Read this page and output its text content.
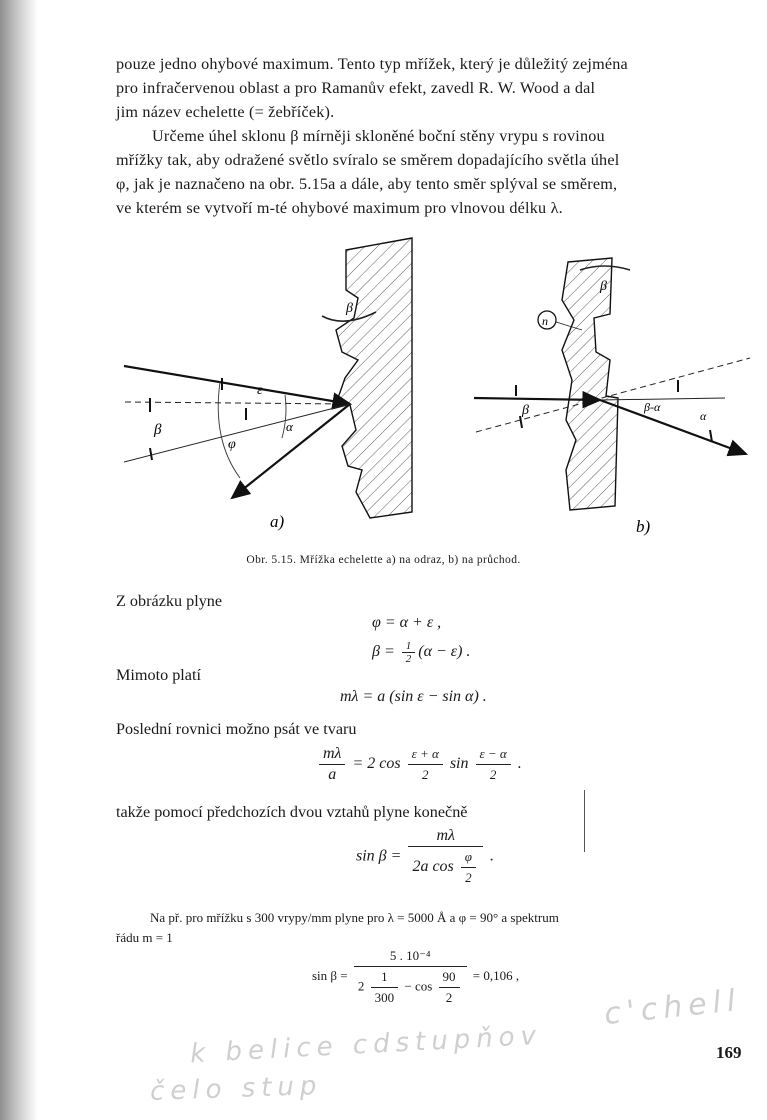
pouze jedno ohybové maximum. Tento typ mřížek, který je důležitý zejména
pro infračervenou oblast a pro Ramanův efekt, zavedl R. W. Wood a dal
jim název echelette (= žebříček).
Určeme úhel sklonu β mírněji skloněné boční stěny vrypu s rovinou
mřížky tak, aby odražené světlo svíralo se směrem dopadajícího světla úhel
φ, jak je naznačeno na obr. 5.15a a dále, aby tento směr splýval se směrem,
ve kterém se vytvoří m-té ohybové maximum pro vlnovou délku λ.
β
ε
α
φ
β
a)
n
β
β	β-α
α
b)
Obr. 5.15. Mřížka echelette a) na odraz, b) na průchod.
Z obrázku plyne
φ = α + ε ,
$\beta = \frac{1}{2} (\alpha - \varepsilon)$ .
Mimoto platí
mλ = a (sin ε − sin α) .
Poslední rovnici možno psát ve tvaru
$\frac{m\lambda}{a} = 2$ $\cos \frac{\varepsilon + \alpha}{2}$ $\sin \frac{\varepsilon - \alpha}{2}$ .
takže pomocí předchozích dvou vztahů plyne konečně
$\sin \beta = \frac{m\lambda}{2a \cos \frac{\varphi}{2}}$ .
Na př. pro mřížku s 300 vrypy/mm plyne pro λ = 5000 Å a φ = 90° a spektrum
řádu m = 1
sin β =
5 . 10⁻⁴
$2 \frac{1}{300} - \cos \frac{90}{2} = 0,106$ ,
169
c'chell
k belice cdstupňov
čelo stup
